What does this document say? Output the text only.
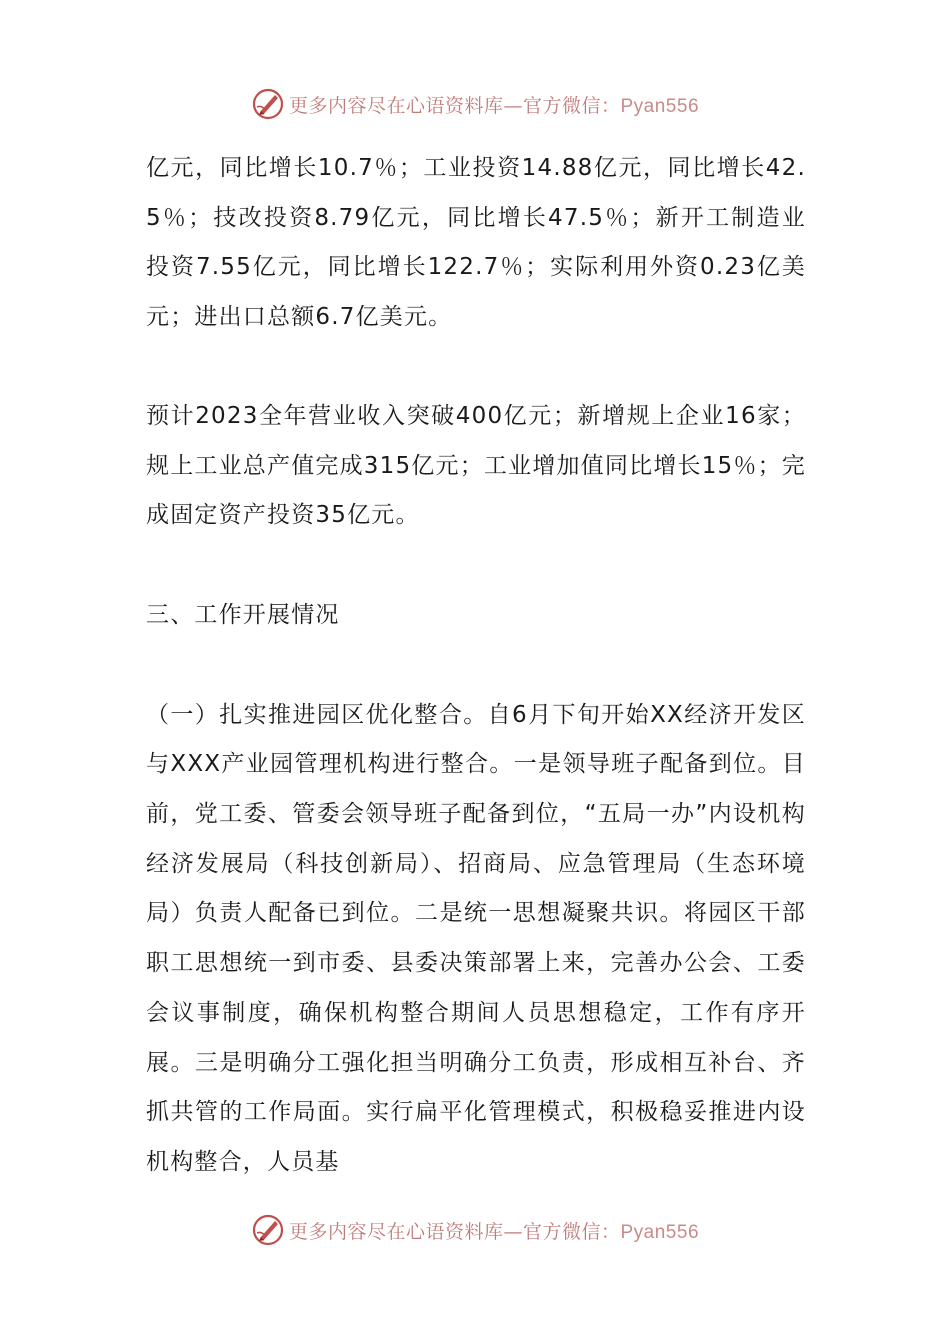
更多内容尽在心语资料库—官方微信：Pyan556

亿元，同比增长10.7％；工业投资14.88亿元，同比增长42.5％；技改投资8.79亿元，同比增长47.5％；新开工制造业投资7.55亿元，同比增长122.7％；实际利用外资0.23亿美元；进出口总额6.7亿美元。

预计2023全年营业收入突破400亿元；新增规上企业16家；规上工业总产值完成315亿元；工业增加值同比增长15％；完成固定资产投资35亿元。

三、工作开展情况

（一）扎实推进园区优化整合。自6月下旬开始XX经济开发区与XXX产业园管理机构进行整合。一是领导班子配备到位。目前，党工委、管委会领导班子配备到位，“五局一办”内设机构经济发展局（科技创新局）、招商局、应急管理局（生态环境局）负责人配备已到位。二是统一思想凝聚共识。将园区干部职工思想统一到市委、县委决策部署上来，完善办公会、工委会议事制度，确保机构整合期间人员思想稳定，工作有序开展。三是明确分工强化担当明确分工负责，形成相互补台、齐抓共管的工作局面。实行扁平化管理模式，积极稳妥推进内设机构整合，人员基

更多内容尽在心语资料库—官方微信：Pyan556
